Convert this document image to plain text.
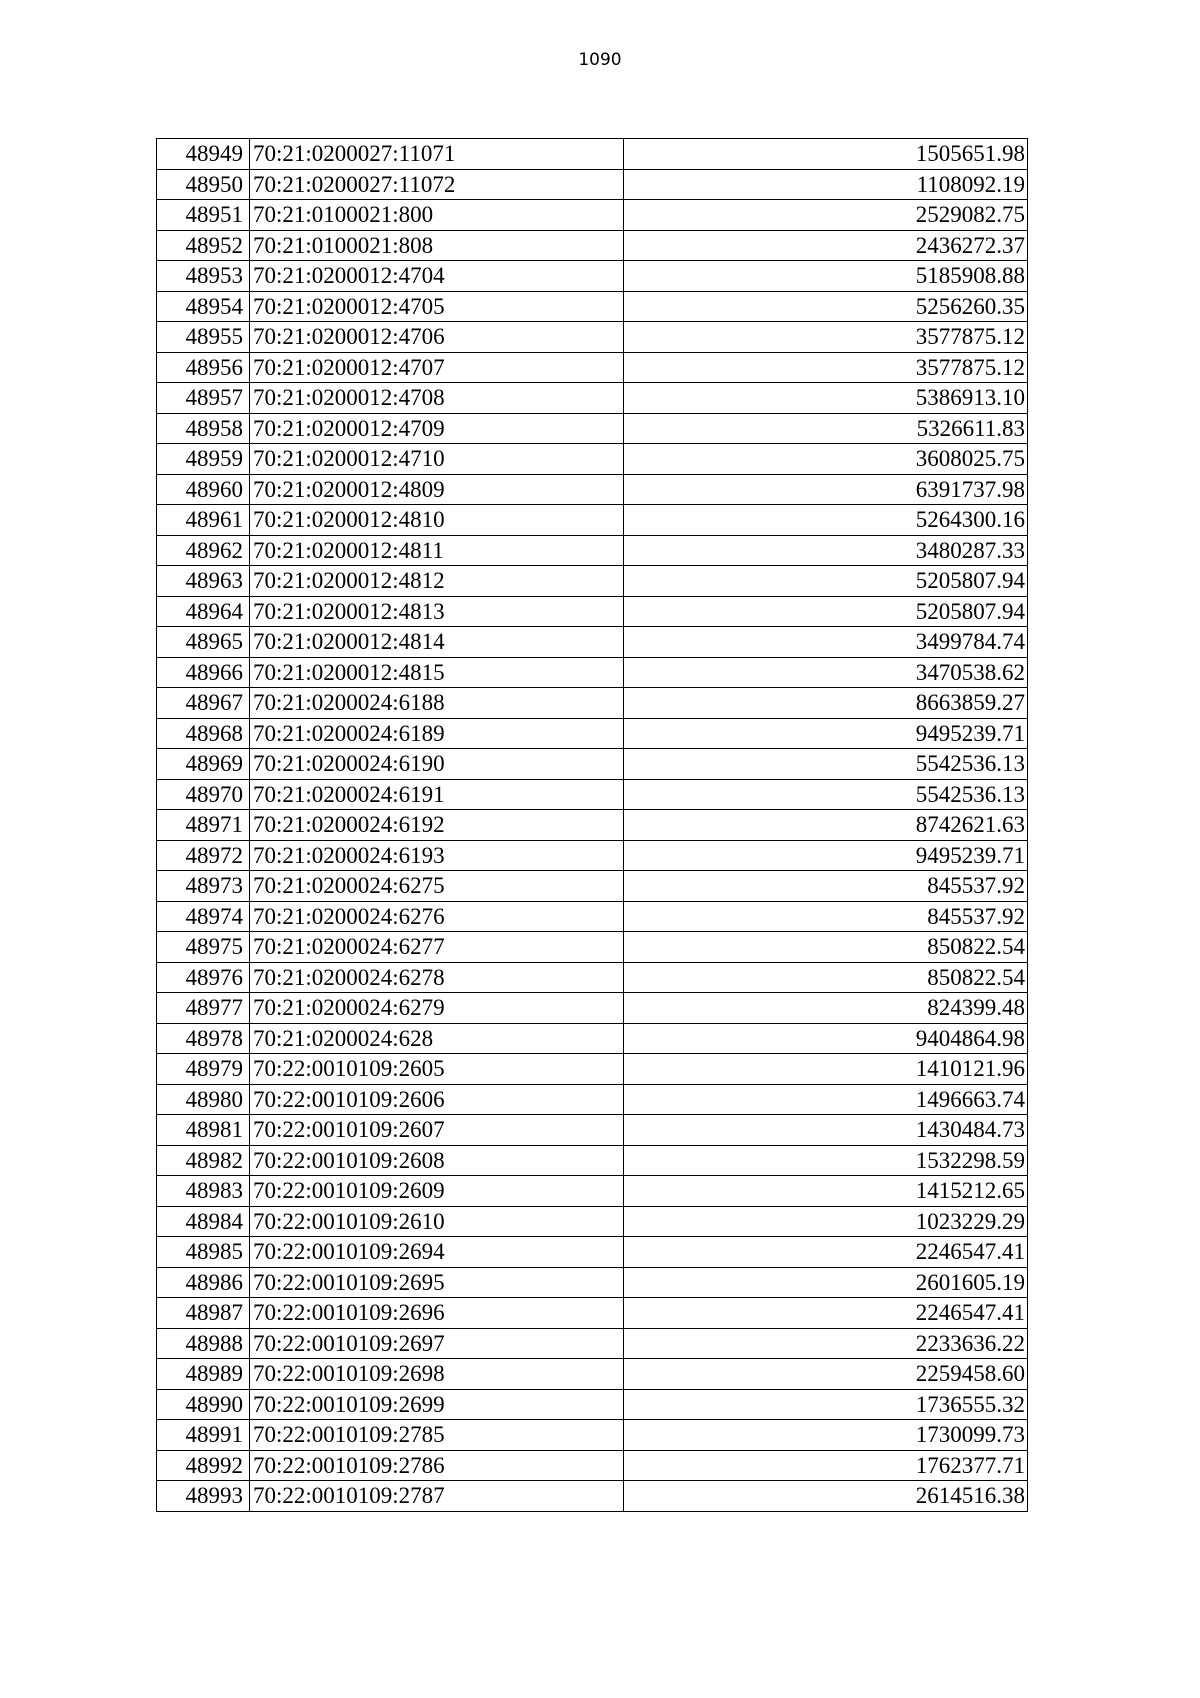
1090
48949	70:21:0200027:11071	1505651.98
48950	70:21:0200027:11072	1108092.19
48951	70:21:0100021:800	2529082.75
48952	70:21:0100021:808	2436272.37
48953	70:21:0200012:4704	5185908.88
48954	70:21:0200012:4705	5256260.35
48955	70:21:0200012:4706	3577875.12
48956	70:21:0200012:4707	3577875.12
48957	70:21:0200012:4708	5386913.10
48958	70:21:0200012:4709	5326611.83
48959	70:21:0200012:4710	3608025.75
48960	70:21:0200012:4809	6391737.98
48961	70:21:0200012:4810	5264300.16
48962	70:21:0200012:4811	3480287.33
48963	70:21:0200012:4812	5205807.94
48964	70:21:0200012:4813	5205807.94
48965	70:21:0200012:4814	3499784.74
48966	70:21:0200012:4815	3470538.62
48967	70:21:0200024:6188	8663859.27
48968	70:21:0200024:6189	9495239.71
48969	70:21:0200024:6190	5542536.13
48970	70:21:0200024:6191	5542536.13
48971	70:21:0200024:6192	8742621.63
48972	70:21:0200024:6193	9495239.71
48973	70:21:0200024:6275	845537.92
48974	70:21:0200024:6276	845537.92
48975	70:21:0200024:6277	850822.54
48976	70:21:0200024:6278	850822.54
48977	70:21:0200024:6279	824399.48
48978	70:21:0200024:628	9404864.98
48979	70:22:0010109:2605	1410121.96
48980	70:22:0010109:2606	1496663.74
48981	70:22:0010109:2607	1430484.73
48982	70:22:0010109:2608	1532298.59
48983	70:22:0010109:2609	1415212.65
48984	70:22:0010109:2610	1023229.29
48985	70:22:0010109:2694	2246547.41
48986	70:22:0010109:2695	2601605.19
48987	70:22:0010109:2696	2246547.41
48988	70:22:0010109:2697	2233636.22
48989	70:22:0010109:2698	2259458.60
48990	70:22:0010109:2699	1736555.32
48991	70:22:0010109:2785	1730099.73
48992	70:22:0010109:2786	1762377.71
48993	70:22:0010109:2787	2614516.38
